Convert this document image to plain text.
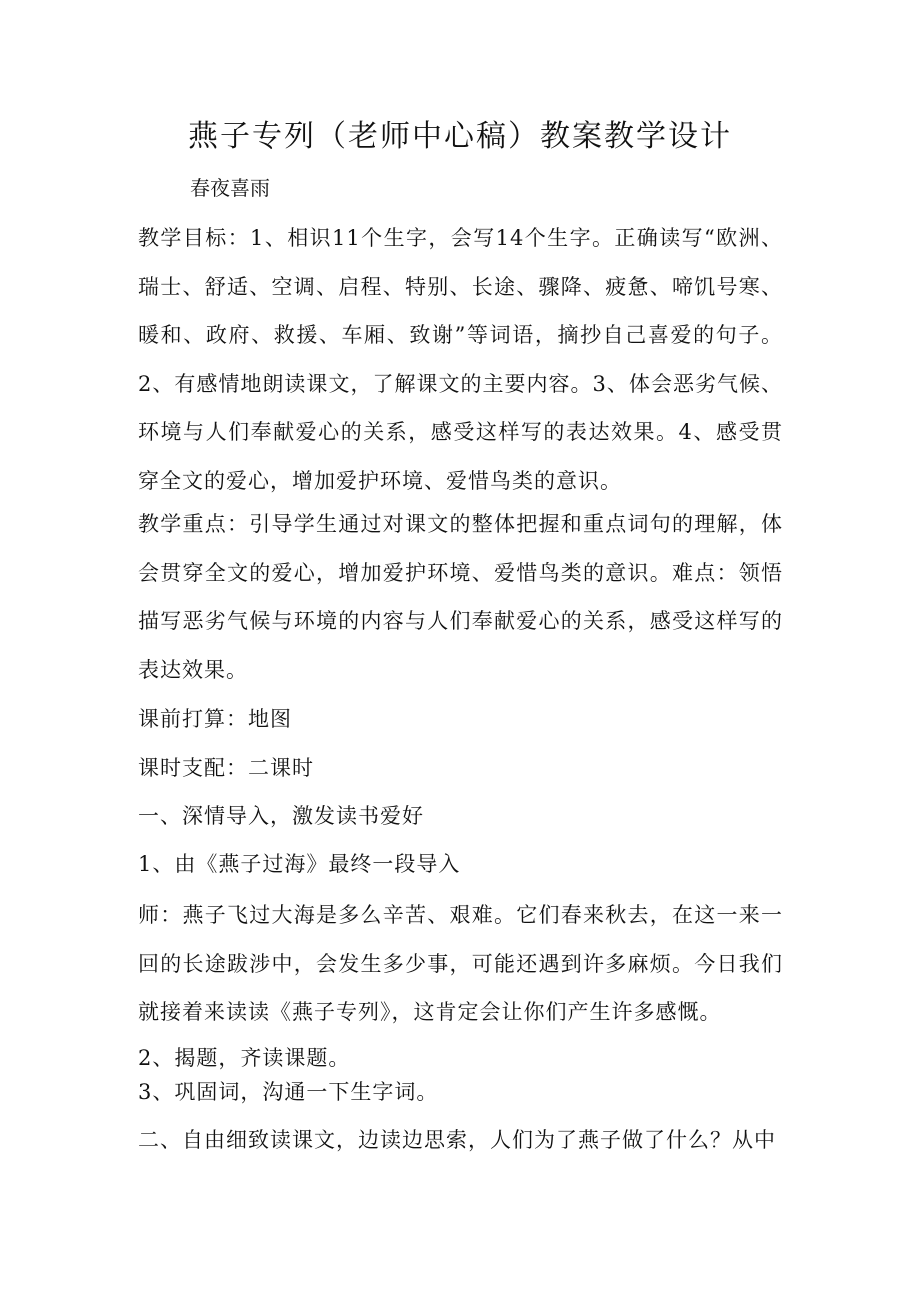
燕子专列（老师中心稿）教案教学设计
春夜喜雨

教学目标：1、相识11个生字，会写14个生字。正确读写“欧洲、瑞士、舒适、空调、启程、特别、长途、骤降、疲惫、啼饥号寒、暖和、政府、救援、车厢、致谢”等词语，摘抄自己喜爱的句子。2、有感情地朗读课文，了解课文的主要内容。3、体会恶劣气候、环境与人们奉献爱心的关系，感受这样写的表达效果。4、感受贯穿全文的爱心，增加爱护环境、爱惜鸟类的意识。

教学重点：引导学生通过对课文的整体把握和重点词句的理解，体会贯穿全文的爱心，增加爱护环境、爱惜鸟类的意识。难点：领悟描写恶劣气候与环境的内容与人们奉献爱心的关系，感受这样写的表达效果。

课前打算：地图

课时支配：二课时

一、深情导入，激发读书爱好

1、由《燕子过海》最终一段导入

师：燕子飞过大海是多么辛苦、艰难。它们春来秋去，在这一来一回的长途跋涉中，会发生多少事，可能还遇到许多麻烦。今日我们就接着来读读《燕子专列》，这肯定会让你们产生许多感慨。

2、揭题，齐读课题。

3、巩固词，沟通一下生字词。

二、自由细致读课文，边读边思索，人们为了燕子做了什么？从中
